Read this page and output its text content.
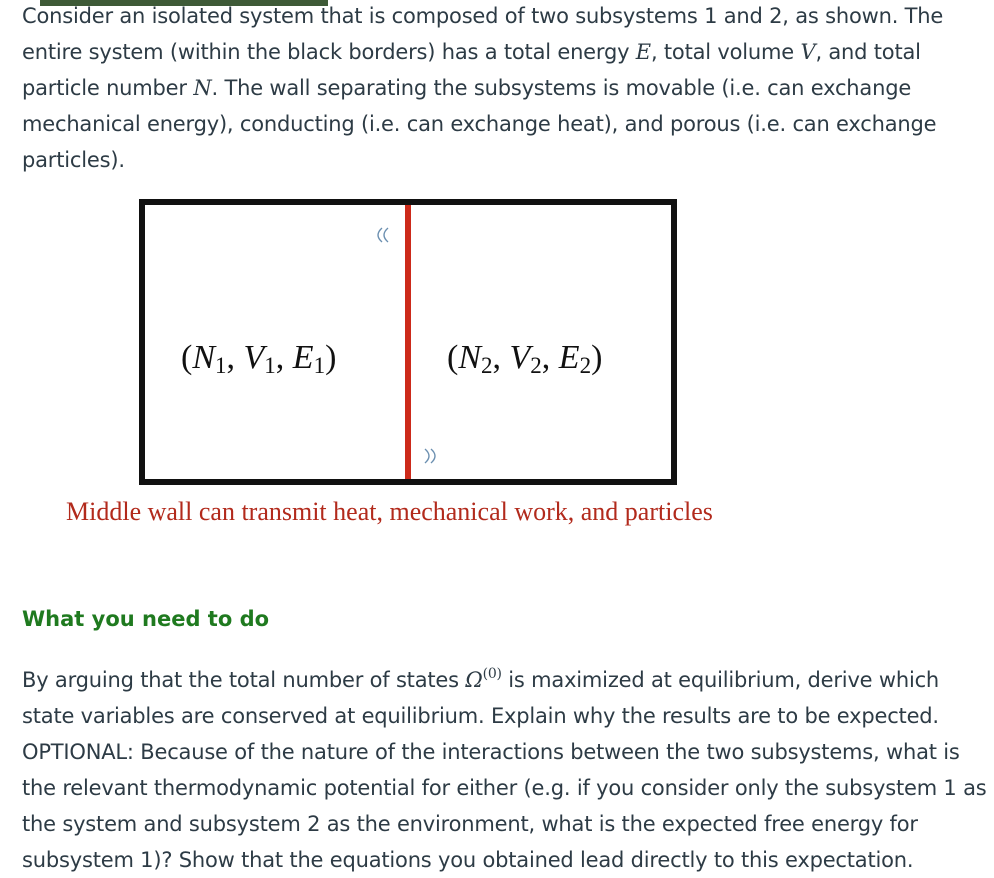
Consider an isolated system that is composed of two subsystems 1 and 2, as shown. The entire system (within the black borders) has a total energy E, total volume V, and total particle number N. The wall separating the subsystems is movable (i.e. can exchange mechanical energy), conducting (i.e. can exchange heat), and porous (i.e. can exchange particles).

($N_1$, $V_1$, $E_1$)	($N_2$, $V_2$, $E_2$)
Middle wall can transmit heat, mechanical work, and particles
What you need to do

By arguing that the total number of states $\Omega^{(0)}$ is maximized at equilibrium, derive which state variables are conserved at equilibrium. Explain why the results are to be expected. OPTIONAL: Because of the nature of the interactions between the two subsystems, what is the relevant thermodynamic potential for either (e.g. if you consider only the subsystem 1 as the system and subsystem 2 as the environment, what is the expected free energy for subsystem 1)? Show that the equations you obtained lead directly to this expectation.
